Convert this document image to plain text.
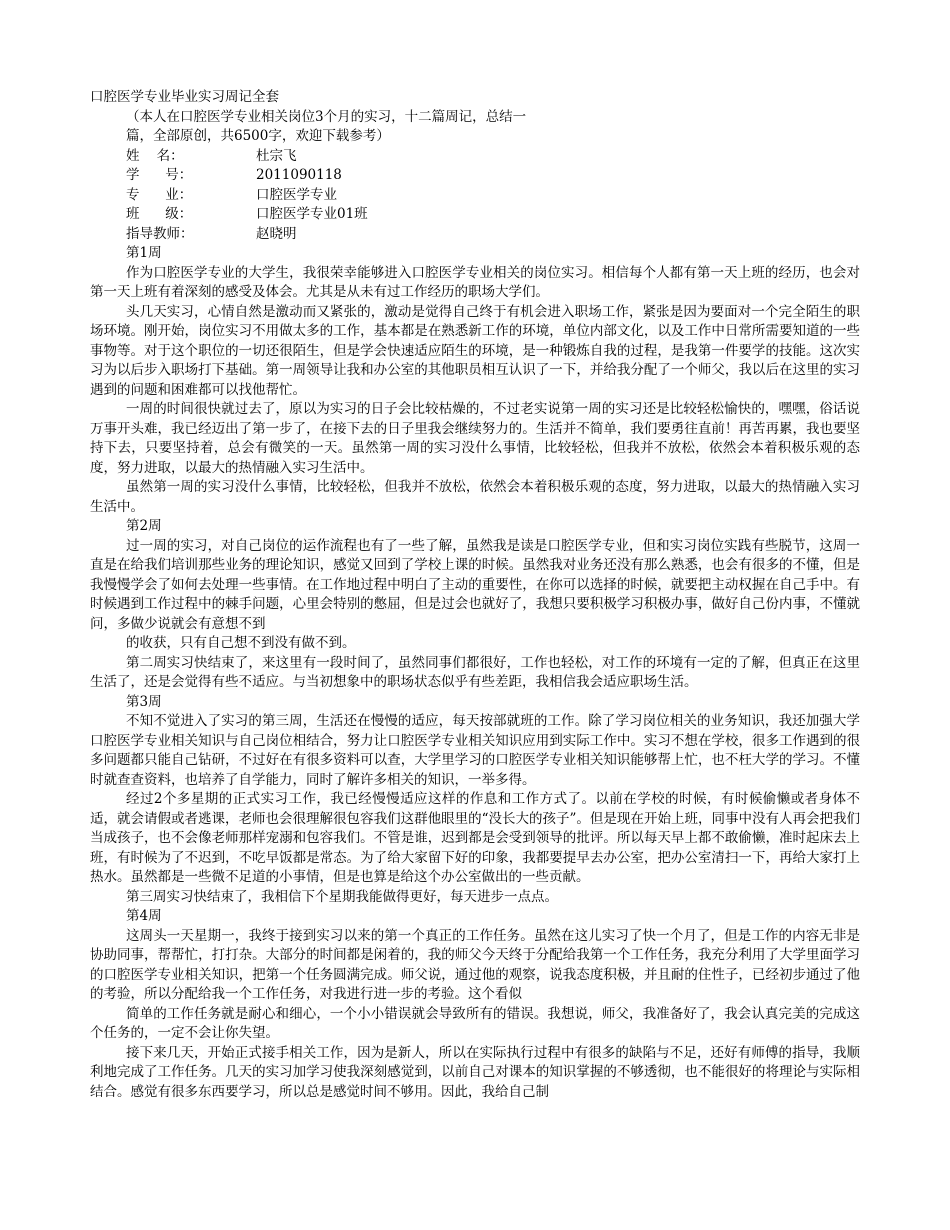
口腔医学专业毕业实习周记全套
（本人在口腔医学专业相关岗位3个月的实习，十二篇周记，总结一
篇，全部原创，共6500字，欢迎下载参考）
姓    名：	杜宗飞
学      号：	2011090118
专      业：	口腔医学专业
班      级：	口腔医学专业01班
指导教师：	赵晓明
第1周
作为口腔医学专业的大学生，我很荣幸能够进入口腔医学专业相关的岗位实习。相信每个人都有第一天上班的经历，也会对第一天上班有着深刻的感受及体会。尤其是从未有过工作经历的职场大学们。
头几天实习，心情自然是激动而又紧张的，激动是觉得自己终于有机会进入职场工作，紧张是因为要面对一个完全陌生的职场环境。刚开始，岗位实习不用做太多的工作，基本都是在熟悉新工作的环境，单位内部文化，以及工作中日常所需要知道的一些事物等。对于这个职位的一切还很陌生，但是学会快速适应陌生的环境，是一种锻炼自我的过程，是我第一件要学的技能。这次实习为以后步入职场打下基础。第一周领导让我和办公室的其他职员相互认识了一下，并给我分配了一个师父，我以后在这里的实习遇到的问题和困难都可以找他帮忙。
一周的时间很快就过去了，原以为实习的日子会比较枯燥的，不过老实说第一周的实习还是比较轻松愉快的，嘿嘿，俗话说万事开头难，我已经迈出了第一步了，在接下去的日子里我会继续努力的。生活并不简单，我们要勇往直前！再苦再累，我也要坚持下去，只要坚持着，总会有微笑的一天。虽然第一周的实习没什么事情，比较轻松，但我并不放松，依然会本着积极乐观的态度，努力进取，以最大的热情融入实习生活中。
虽然第一周的实习没什么事情，比较轻松，但我并不放松，依然会本着积极乐观的态度，努力进取，以最大的热情融入实习生活中。
第2周
过一周的实习，对自己岗位的运作流程也有了一些了解，虽然我是读是口腔医学专业，但和实习岗位实践有些脱节，这周一直是在给我们培训那些业务的理论知识，感觉又回到了学校上课的时候。虽然我对业务还没有那么熟悉，也会有很多的不懂，但是我慢慢学会了如何去处理一些事情。在工作地过程中明白了主动的重要性，在你可以选择的时候，就要把主动权握在自己手中。有时候遇到工作过程中的棘手问题，心里会特别的憋屈，但是过会也就好了，我想只要积极学习积极办事，做好自己份内事，不懂就问，多做少说就会有意想不到
的收获，只有自己想不到没有做不到。
第二周实习快结束了，来这里有一段时间了，虽然同事们都很好，工作也轻松，对工作的环境有一定的了解，但真正在这里生活了，还是会觉得有些不适应。与当初想象中的职场状态似乎有些差距，我相信我会适应职场生活。
第3周
不知不觉进入了实习的第三周，生活还在慢慢的适应，每天按部就班的工作。除了学习岗位相关的业务知识，我还加强大学口腔医学专业相关知识与自己岗位相结合，努力让口腔医学专业相关知识应用到实际工作中。实习不想在学校，很多工作遇到的很多问题都只能自己钻研，不过好在有很多资料可以查，大学里学习的口腔医学专业相关知识能够帮上忙，也不枉大学的学习。不懂时就查查资料，也培养了自学能力，同时了解许多相关的知识，一举多得。
经过2个多星期的正式实习工作，我已经慢慢适应这样的作息和工作方式了。以前在学校的时候，有时候偷懒或者身体不适，就会请假或者逃课，老师也会很理解很包容我们这群他眼里的“没长大的孩子”。但是现在开始上班，同事中没有人再会把我们当成孩子，也不会像老师那样宠溺和包容我们。不管是谁，迟到都是会受到领导的批评。所以每天早上都不敢偷懒，准时起床去上班，有时候为了不迟到，不吃早饭都是常态。为了给大家留下好的印象，我都要提早去办公室，把办公室清扫一下，再给大家打上热水。虽然都是一些微不足道的小事情，但是也算是给这个办公室做出的一些贡献。
第三周实习快结束了，我相信下个星期我能做得更好，每天进步一点点。
第4周
这周头一天星期一，我终于接到实习以来的第一个真正的工作任务。虽然在这儿实习了快一个月了，但是工作的内容无非是协助同事，帮帮忙，打打杂。大部分的时间都是闲着的，我的师父今天终于分配给我第一个工作任务，我充分利用了大学里面学习的口腔医学专业相关知识，把第一个任务圆满完成。师父说，通过他的观察，说我态度积极，并且耐的住性子，已经初步通过了他的考验，所以分配给我一个工作任务，对我进行进一步的考验。这个看似
简单的工作任务就是耐心和细心，一个小小错误就会导致所有的错误。我想说，师父，我准备好了，我会认真完美的完成这个任务的，一定不会让你失望。
接下来几天，开始正式接手相关工作，因为是新人，所以在实际执行过程中有很多的缺陷与不足，还好有师傅的指导，我顺利地完成了工作任务。几天的实习加学习使我深刻感觉到，以前自己对课本的知识掌握的不够透彻，也不能很好的将理论与实际相结合。感觉有很多东西要学习，所以总是感觉时间不够用。因此，我给自己制
